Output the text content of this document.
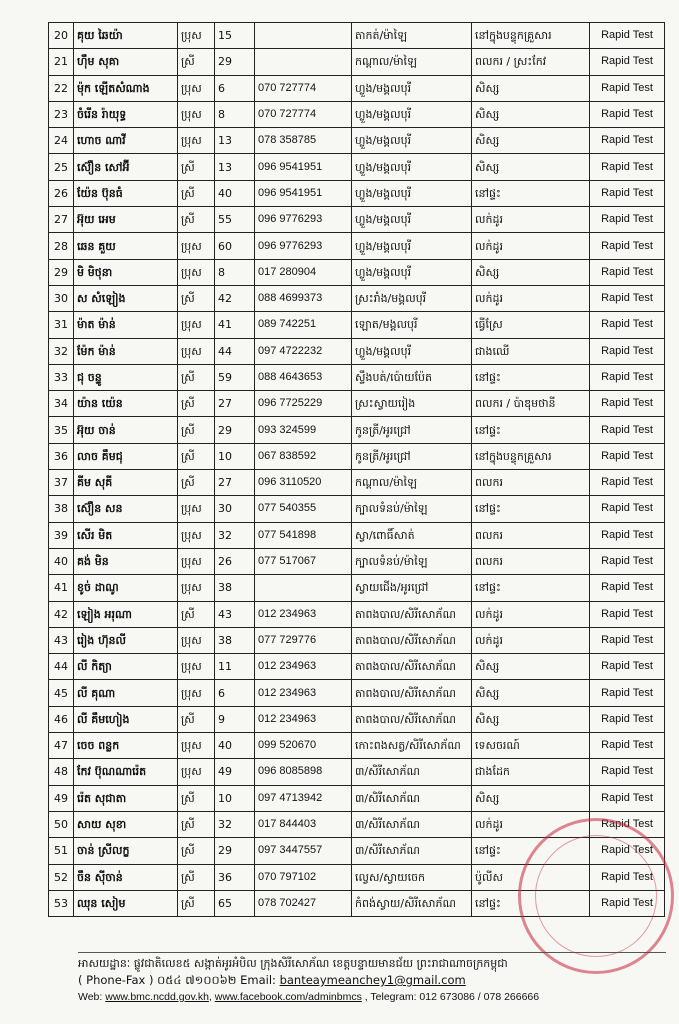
20	គុយ ឆៃយ៉ា	ប្រុស	15		តាកត់/ម៉ាឡៃ	នៅក្នុងបន្ទុកគ្រួសារ	Rapid Test
21	ហ៊ឹម សុគា	ស្រី	29		កណ្ដាល/ម៉ាឡៃ	ពលករ / ស្រះកែវ	Rapid Test
22	ម៉ុក ឡើតសំណាង	ប្រុស	6	070 727774	ហ្លួង/មង្គលបុរី	សិស្ស	Rapid Test
23	ចំរើន រ៉ាយុទ្ធ	ប្រុស	8	070 727774	ហ្លួង/មង្គលបុរី	សិស្ស	Rapid Test
24	ហោច ណាវី	ប្រុស	13	078 358785	ហ្លួង/មង្គលបុរី	សិស្ស	Rapid Test
25	ស៊ឿន សៅអ៊ី	ស្រី	13	096 9541951	ហ្លួង/មង្គលបុរី	សិស្ស	Rapid Test
26	យ៉ែន ប៊ុនធំ	ស្រី	40	096 9541951	ហ្លួង/មង្គលបុរី	នៅផ្ទះ	Rapid Test
27	អ៊ុយ អេម	ស្រី	55	096 9776293	ហ្លួង/មង្គលបុរី	លក់ដូរ	Rapid Test
28	ឆេន គួយ	ប្រុស	60	096 9776293	ហ្លួង/មង្គលបុរី	លក់ដូរ	Rapid Test
29	មិ មិថុនា	ប្រុស	8	017 280904	ហ្លួង/មង្គលបុរី	សិស្ស	Rapid Test
30	ស សំឡៀង	ស្រី	42	088 4699373	ស្រះរាំង/មង្គលបុរី	លក់ដូរ	Rapid Test
31	ម៉ាត ម៉ាន់	ប្រុស	41	089 742251	ឡោត/មង្គលបុរី	ធ្វើស្រែ	Rapid Test
32	ម៉ែក ម៉ាន់	ប្រុស	44	097 4722232	ហ្លួង/មង្គលបុរី	ជាងឈើ	Rapid Test
33	ជុ ចន្ទូ	ស្រី	59	088 4643653	ស្ទឹងបត់/ប៉ោយប៉ែត	នៅផ្ទះ	Rapid Test
34	យ៉ាន យ៉េន	ស្រី	27	096 7725229	ស្រះស្វាយរៀង	ពលករ / ប៉ាឌុមថានី	Rapid Test
35	អ៊ុយ ចាន់	ស្រី	29	093 324599	កូនត្រី/អូរជ្រៅ	នៅផ្ទះ	Rapid Test
36	លាច គឹមជុ	ស្រី	10	067 838592	កូនត្រី/អូរជ្រៅ	នៅក្នុងបន្ទុកគ្រួសារ	Rapid Test
37	គីម សុគី	ស្រី	27	096 3110520	កណ្ដាល/ម៉ាឡៃ	ពលករ	Rapid Test
38	ស៊ឿន សន	ប្រុស	30	077 540355	ក្បាលទំនប់/ម៉ាឡៃ	នៅផ្ទះ	Rapid Test
39	សើរ មិត	ប្រុស	32	077 541898	ស្វា/ពោធិ៍សាត់	ពលករ	Rapid Test
40	គង់ មិន	ប្រុស	26	077 517067	ក្បាលទំនប់/ម៉ាឡៃ	ពលករ	Rapid Test
41	ខូច់ ដាណូ	ប្រុស	38		ស្វាយជើង/អូរជ្រៅ	នៅផ្ទះ	Rapid Test
42	ឡៀង អរុណា	ស្រី	43	012 234963	តាពងបាល/សិរីសោភ័ណ	លក់ដូរ	Rapid Test
43	រៀង ហ៊ុនលី	ប្រុស	38	077 729776	តាពងបាល/សិរីសោភ័ណ	លក់ដូរ	Rapid Test
44	លី កិត្យា	ប្រុស	11	012 234963	តាពងបាល/សិរីសោភ័ណ	សិស្ស	Rapid Test
45	លី គុណា	ប្រុស	6	012 234963	តាពងបាល/សិរីសោភ័ណ	សិស្ស	Rapid Test
46	លី គឹមហៀង	ស្រី	9	012 234963	តាពងបាល/សិរីសោភ័ណ	សិស្ស	Rapid Test
47	ចេច ពន្លក	ប្រុស	40	099 520670	កោះពងសត្វ/សិរីសោភ័ណ	ទេសចរណ៍	Rapid Test
48	កែវ ប៊ុណណារ៉េត	ប្រុស	49	096 8085898	៣/សិរីសោភ័ណ	ជាងដែក	Rapid Test
49	រ៉េត សុជាតា	ស្រី	10	097 4713942	៣/សិរីសោភ័ណ	សិស្ស	Rapid Test
50	សាយ សុខា	ស្រី	32	017 844403	៣/សិរីសោភ័ណ	លក់ដូរ	Rapid Test
51	ចាន់ ស្រីលក្ខ	ស្រី	29	097 3447557	៣/សិរីសោភ័ណ	នៅផ្ទះ	Rapid Test
52	ចឹន ស៊ីចាន់	ស្រី	36	070 797102	ល្វេស/ស្វាយចេក	ប៉ូលីស	Rapid Test
53	ឈុន សៀម	ស្រី	65	078 702427	កំពង់ស្វាយ/សិរីសោភ័ណ	នៅផ្ទះ	Rapid Test
អាសយដ្ឋានៈ ផ្លូវជាតិលេខ៥ សង្កាត់អូរអំបិល ក្រុងសិរីសោភ័ណ ខេត្តបន្ទាយមានជ័យ ព្រះរាជាណាចក្រកម្ពុជា
( Phone-Fax ) ០៥៤ ៧១០០៦២ Email: banteaymeanchey1@gmail.com
Web: www.bmc.ncdd.gov.kh, www.facebook.com/adminbmcs , Telegram: 012 673086 / 078 266666
